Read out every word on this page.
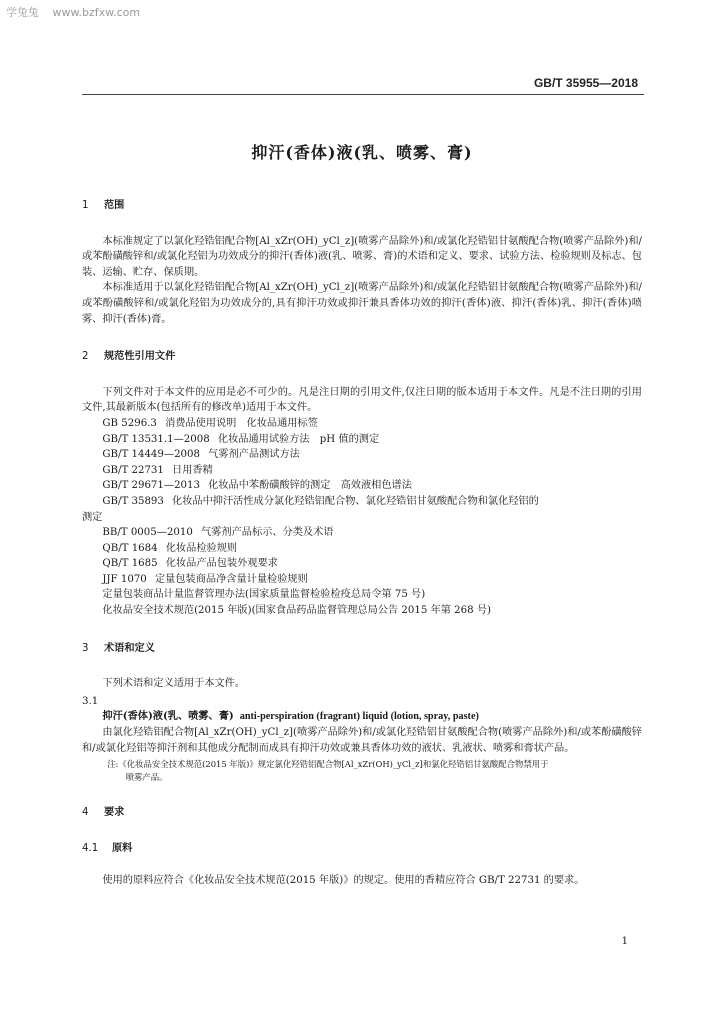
学兔兔 www.bzfxw.com
GB/T 35955—2018
抑汗(香体)液(乳、喷雾、膏)
1 范围

本标准规定了以氯化羟锆铝配合物[Al_xZr(OH)_yCl_z](喷雾产品除外)和/或氯化羟锆铝甘氨酸配合物(喷雾产品除外)和/或苯酚磺酸锌和/或氯化羟铝为功效成分的抑汗(香体)液(乳、喷雾、膏)的术语和定义、要求、试验方法、检验规则及标志、包装、运输、贮存、保质期。

本标准适用于以氯化羟锆铝配合物[Al_xZr(OH)_yCl_z](喷雾产品除外)和/或氯化羟锆铝甘氨酸配合物(喷雾产品除外)和/或苯酚磺酸锌和/或氯化羟铝为功效成分的,具有抑汗功效或抑汗兼具香体功效的抑汗(香体)液、抑汗(香体)乳、抑汗(香体)喷雾、抑汗(香体)膏。

2 规范性引用文件

下列文件对于本文件的应用是必不可少的。凡是注日期的引用文件,仅注日期的版本适用于本文件。凡是不注日期的引用文件,其最新版本(包括所有的修改单)适用于本文件。

GB 5296.3 消费品使用说明　化妆品通用标签

GB/T 13531.1—2008 化妆品通用试验方法　pH 值的测定

GB/T 14449—2008 气雾剂产品测试方法

GB/T 22731 日用香精

GB/T 29671—2013 化妆品中苯酚磺酸锌的测定　高效液相色谱法

GB/T 35893 化妆品中抑汗活性成分氯化羟锆铝配合物、氯化羟锆铝甘氨酸配合物和氯化羟铝的

测定

BB/T 0005—2010 气雾剂产品标示、分类及术语

QB/T 1684 化妆品检验规则

QB/T 1685 化妆品产品包装外观要求

JJF 1070 定量包装商品净含量计量检验规则

定量包装商品计量监督管理办法(国家质量监督检验检疫总局令第 75 号)

化妆品安全技术规范(2015 年版)(国家食品药品监督管理总局公告 2015 年第 268 号)

3 术语和定义

下列术语和定义适用于本文件。

3.1

抑汗(香体)液(乳、喷雾、膏) anti-perspiration (fragrant) liquid (lotion, spray, paste)

由氯化羟锆铝配合物[Al_xZr(OH)_yCl_z](喷雾产品除外)和/或氯化羟锆铝甘氨酸配合物(喷雾产品除外)和/或苯酚磺酸锌和/或氯化羟铝等抑汗剂和其他成分配制而成具有抑汗功效或兼具香体功效的液状、乳液状、喷雾和膏状产品。

注:《化妆品安全技术规范(2015 年版)》规定氯化羟锆铝配合物[Al_xZr(OH)_yCl_z]和氯化羟锆铝甘氨酸配合物禁用于
喷雾产品。

4 要求
4.1 原料

使用的原料应符合《化妆品安全技术规范(2015 年版)》的规定。使用的香精应符合 GB/T 22731 的要求。

1
